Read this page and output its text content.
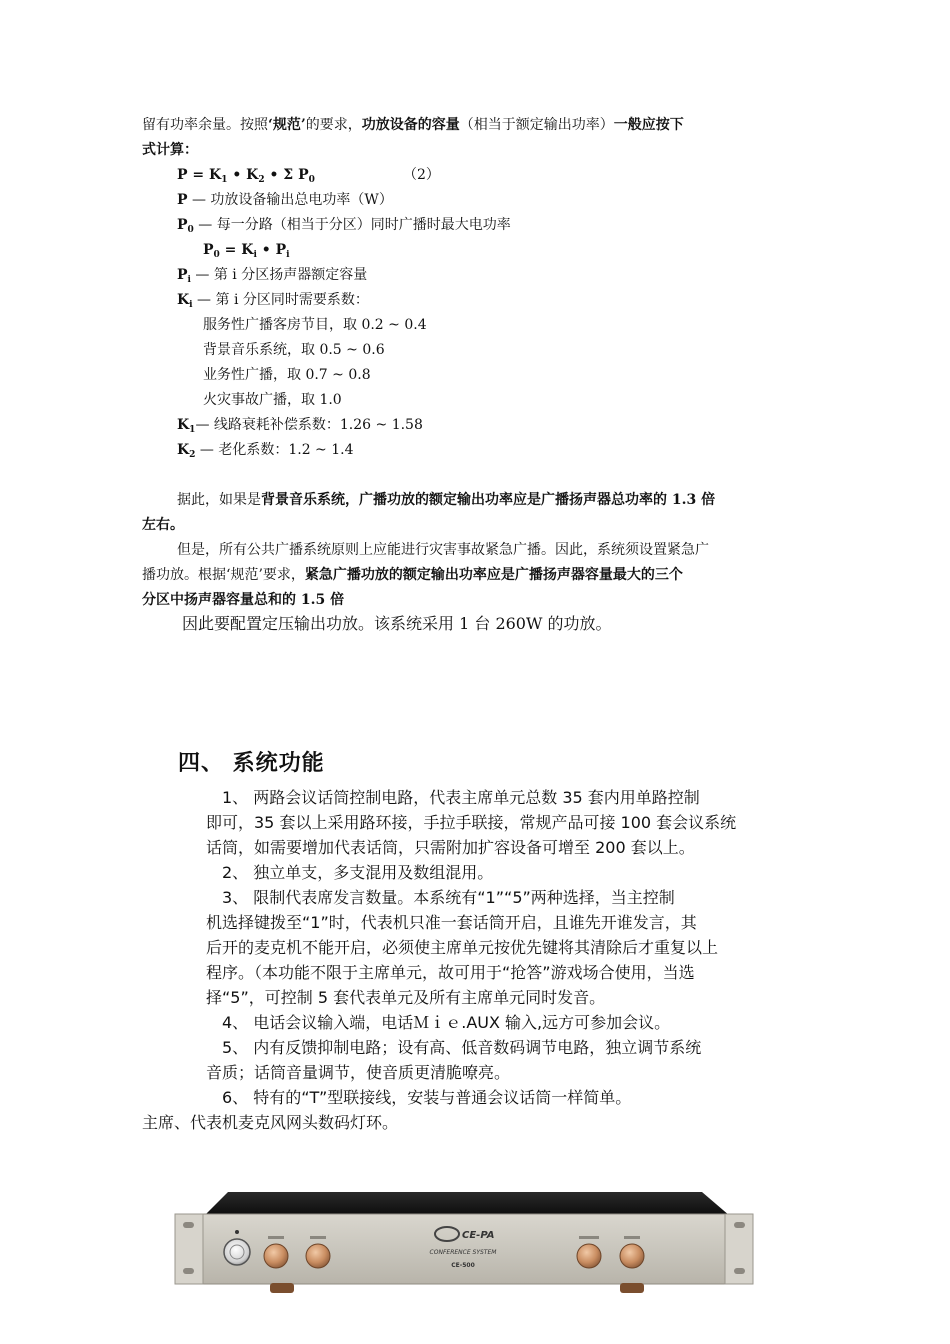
留有功率余量。按照‘规范’的要求，功放设备的容量（相当于额定输出功率）一般应按下
式计算：
$P = K_1$ • $K_2$ • Σ $P_0$	（2）
P — 功放设备输出总电功率（W）
$P_0$ — 每一分路（相当于分区）同时广播时最大电功率
$P_0 = K_i$ • $P_i$
$P_i$ — 第 i 分区扬声器额定容量
$K_i$ — 第 i 分区同时需要系数：
服务性广播客房节目，取 0.2 ~ 0.4
背景音乐系统，取 0.5 ~ 0.6
业务性广播，取 0.7 ~ 0.8
火灾事故广播，取 1.0
$K_1—$ 线路衰耗补偿系数：1.26 ~ 1.58
$K_2$ — 老化系数：1.2 ~ 1.4
据此，如果是背景音乐系统，广播功放的额定输出功率应是广播扬声器总功率的 1.3 倍
左右。
但是，所有公共广播系统原则上应能进行灾害事故紧急广播。因此，系统须设置紧急广
播功放。根据‘规范’要求，紧急广播功放的额定输出功率应是广播扬声器容量最大的三个
分区中扬声器容量总和的 1.5 倍
因此要配置定压输出功放。该系统采用 1 台 260W 的功放。
四、 系统功能
1、 两路会议话筒控制电路，代表主席单元总数 35 套内用单路控制
即可，35 套以上采用路环接，手拉手联接，常规产品可接 100 套会议系统
话筒，如需要增加代表话筒，只需附加扩容设备可增至 200 套以上。
2、 独立单支，多支混用及数组混用。
3、 限制代表席发言数量。本系统有“1”“5”两种选择，当主控制
机选择键拨至“1”时，代表机只准一套话筒开启，且谁先开谁发言，其
后开的麦克机不能开启，必须使主席单元按优先键将其清除后才重复以上
程序。（本功能不限于主席单元，故可用于“抢答”游戏场合使用，当选
择“5”，可控制 5 套代表单元及所有主席单元同时发音。
4、 电话会议输入端，电话Ｍｉｅ.AUX 输入,远方可参加会议。
5、 内有反馈抑制电路；设有高、低音数码调节电路，独立调节系统
音质；话筒音量调节，使音质更清脆嘹亮。
6、 特有的“T”型联接线，安装与普通会议话筒一样简单。
主席、代表机麦克风网头数码灯环。
CE-PA
CONFERENCE SYSTEM
CE-500
